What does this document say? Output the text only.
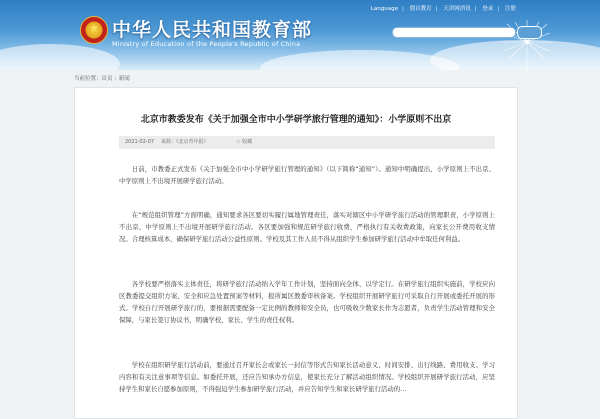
★
中华人民共和国教育部
Ministry of Education of the People's Republic of China
Language | 僵首教育 | 天津网消讯 | 登录 | 注册
当前位置：首页 › 新闻
北京市教委发布《关于加强全市中小学研学旅行管理的通知》：小学原则不出京
2021-02-07 来源：《北京青年报》	☆ 收藏

日前，市教委正式发布《关于加强全市中小学研学旅行管理的通知》（以下简称“通知”）。通知中明确提出，小学原则上不出京、中学原则上不出境开展研学旅行活动。

在“规范组织管理”方面明确，通知要求各区要切实履行属地管理责任，落实对辖区中小学研学旅行活动的管理职责，小学原则上不出京、中学原则上不出境开展研学旅行活动。各区要加强和规范研学旅行收费，严格执行有关收费政策，向家长公开费用收支情况。合理核算成本，确保研学旅行活动公益性原则。学校及其工作人员不得从组织学生参加研学旅行活动中牟取任何利益。

各学校要严格落实主体责任，将研学旅行活动纳入学年工作计划，坚持面向全体、以学定行。在研学旅行组织实施前，学校应向区教委提交组织方案、安全和应急处置预案等材料，报所属区教委审核备案。学校组织开展研学旅行可采取自行开展或委托开展的形式。学校自行开展研学旅行的，要根据需要配备一定比例的教师和安全员，也可吸收少数家长作为志愿者，负责学生活动管理和安全保障，与家长签订协议书，明确学校、家长、学生的责任权利。

学校在组织研学旅行活动前，要通过召开家长会或家长一封信等形式告知家长活动意义、时间安排、出行线路、费用收支、学习内容和有关注意事项等信息。如委托开展，还应告知承办方信息，使家长充分了解活动组织情况。学校组织开展研学旅行活动，应坚持学生和家长自愿参加原则，不得强迫学生参加研学旅行活动，并应告知学生和家长研学旅行活动的...
